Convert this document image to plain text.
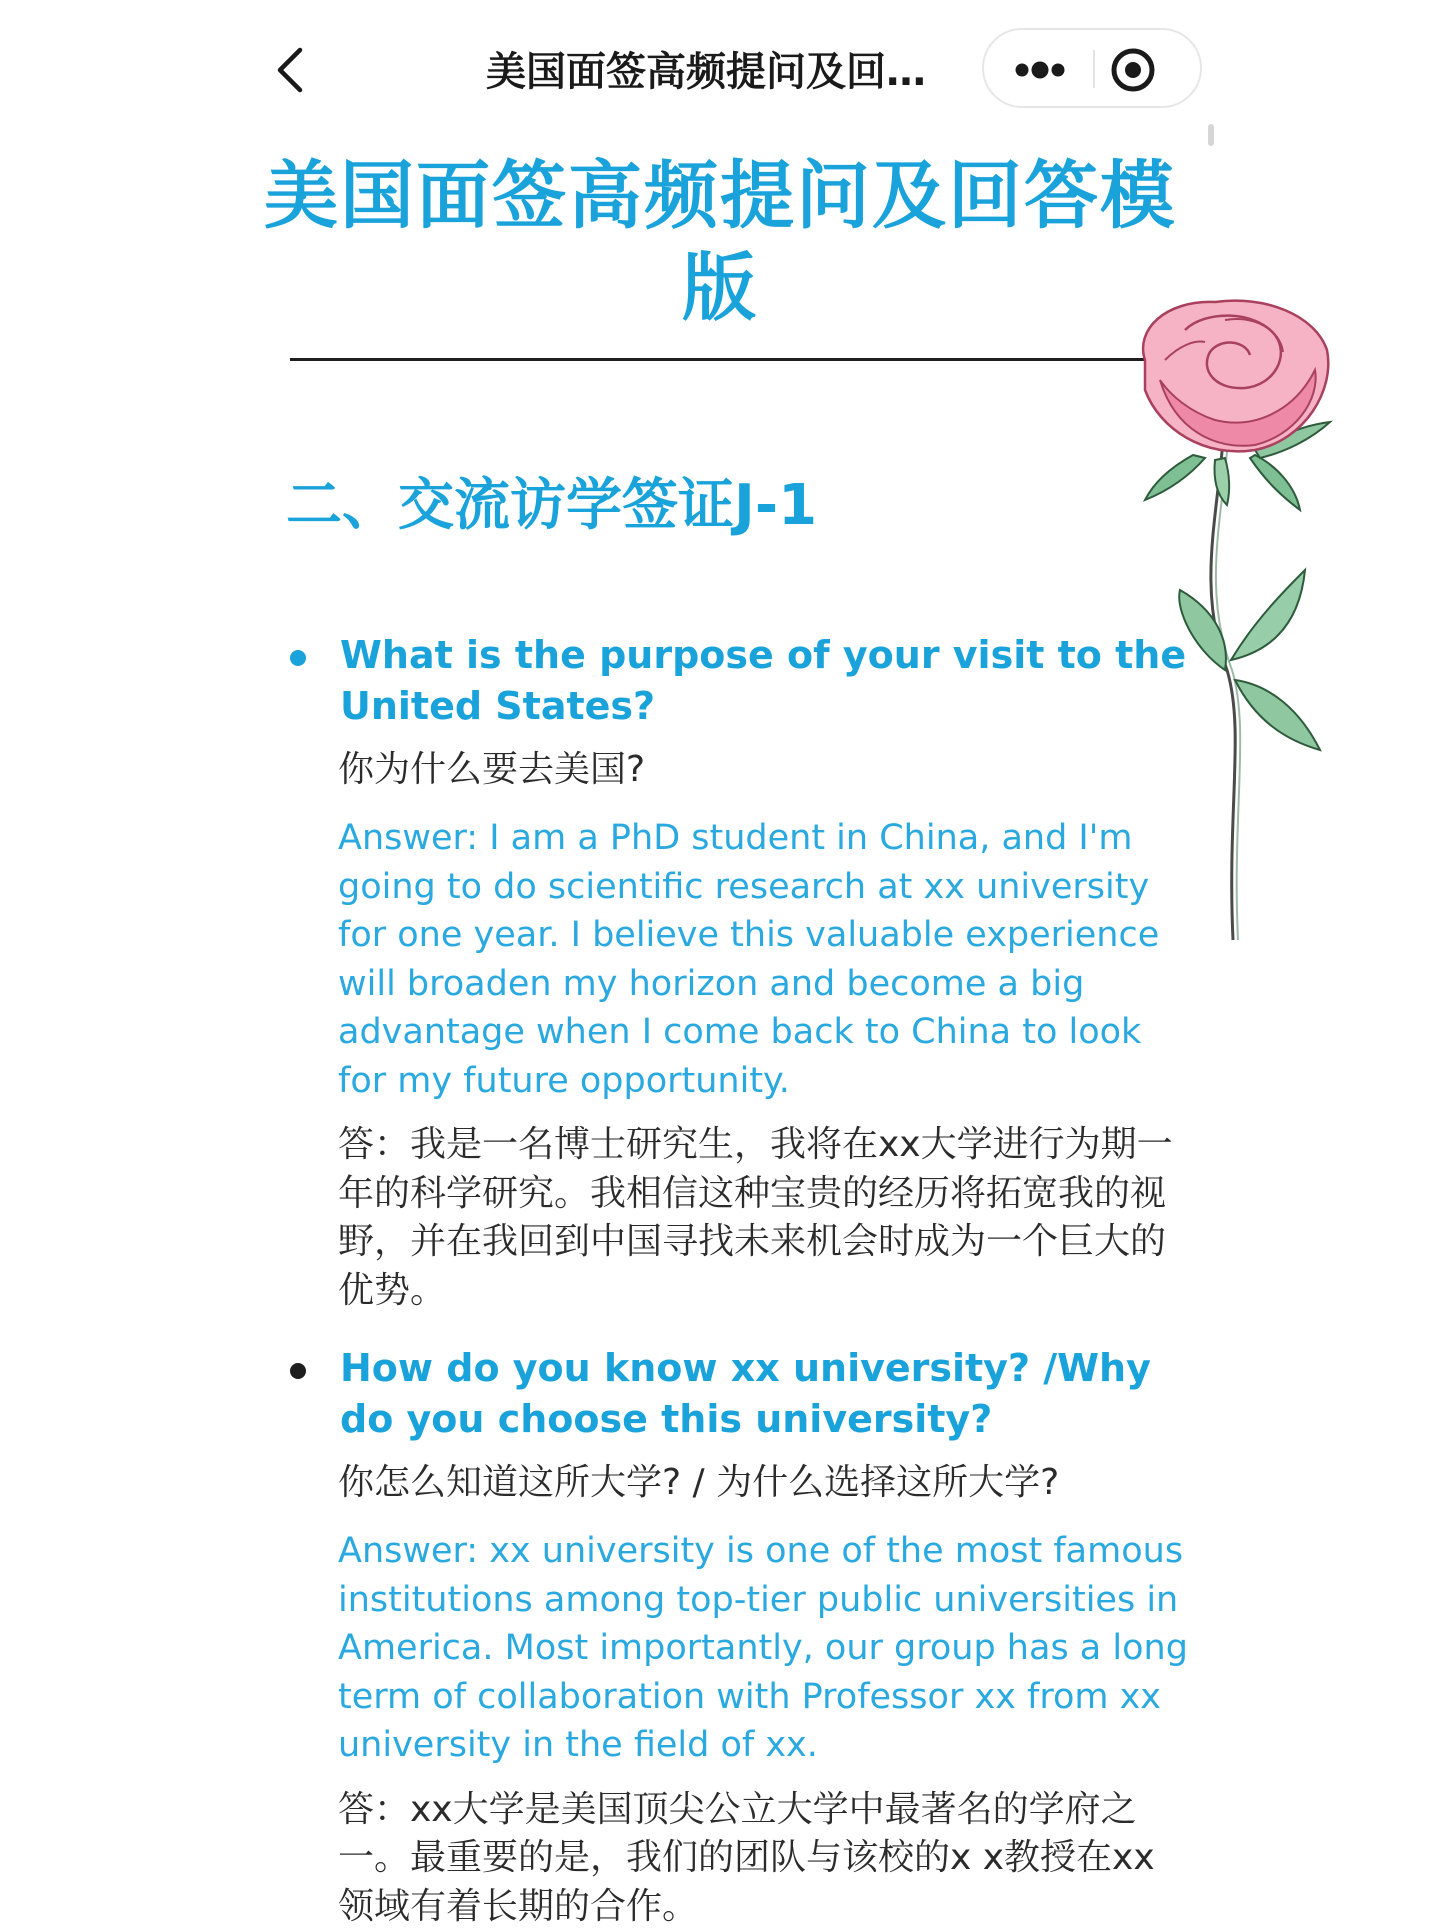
美国面签高频提问及回…
美国面签高频提问及回答模版
二、交流访学签证J-1
What is the purpose of your visit to the United States?
你为什么要去美国?
Answer: I am a PhD student in China, and I'm going to do scientific research at xx university for one year. I believe this valuable experience will broaden my horizon and become a big advantage when I come back to China to look for my future opportunity.
答：我是一名博士研究生，我将在xx大学进行为期一年的科学研究。我相信这种宝贵的经历将拓宽我的视野，并在我回到中国寻找未来机会时成为一个巨大的优势。
How do you know xx university? /Why do you choose this university?
你怎么知道这所大学? / 为什么选择这所大学?
Answer: xx university is one of the most famous institutions among top-tier public universities in America. Most importantly, our group has a long term of collaboration with Professor xx from xx university in the field of xx.
答：xx大学是美国顶尖公立大学中最著名的学府之一。最重要的是，我们的团队与该校的x x教授在xx领域有着长期的合作。
